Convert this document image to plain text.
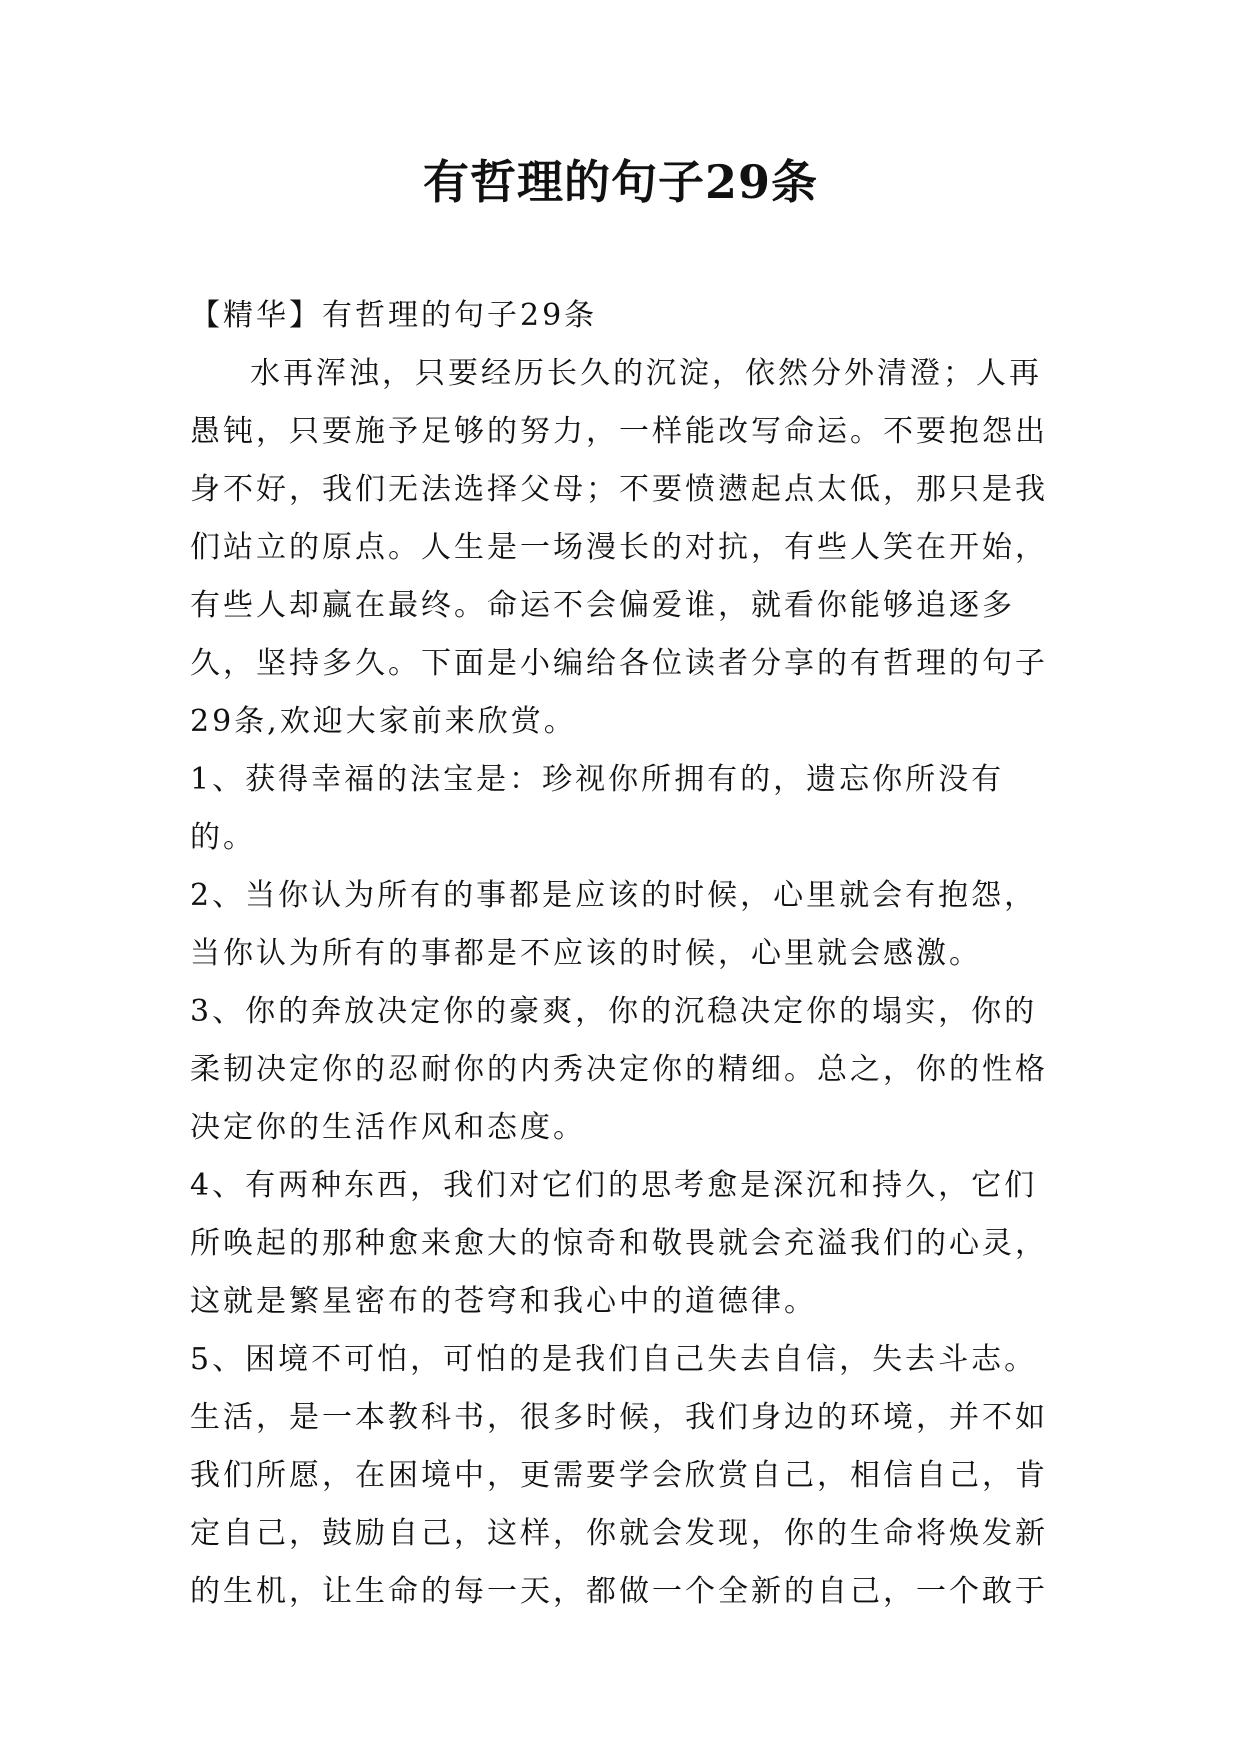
有哲理的句子29条

【精华】有哲理的句子29条

水再浑浊，只要经历长久的沉淀，依然分外清澄；人再愚钝，只要施予足够的努力，一样能改写命运。不要抱怨出身不好，我们无法选择父母；不要愤懑起点太低，那只是我们站立的原点。人生是一场漫长的对抗，有些人笑在开始，有些人却赢在最终。命运不会偏爱谁，就看你能够追逐多久，坚持多久。下面是小编给各位读者分享的有哲理的句子29条,欢迎大家前来欣赏。

1、获得幸福的法宝是：珍视你所拥有的，遗忘你所没有的。

2、当你认为所有的事都是应该的时候，心里就会有抱怨，当你认为所有的事都是不应该的时候，心里就会感激。

3、你的奔放决定你的豪爽，你的沉稳决定你的塌实，你的柔韧决定你的忍耐你的内秀决定你的精细。总之，你的性格决定你的生活作风和态度。

4、有两种东西，我们对它们的思考愈是深沉和持久，它们所唤起的那种愈来愈大的惊奇和敬畏就会充溢我们的心灵，这就是繁星密布的苍穹和我心中的道德律。

5、困境不可怕，可怕的是我们自己失去自信，失去斗志。生活，是一本教科书，很多时候，我们身边的环境，并不如我们所愿，在困境中，更需要学会欣赏自己，相信自己，肯定自己，鼓励自己，这样，你就会发现，你的生命将焕发新的生机，让生命的每一天，都做一个全新的自己，一个敢于
